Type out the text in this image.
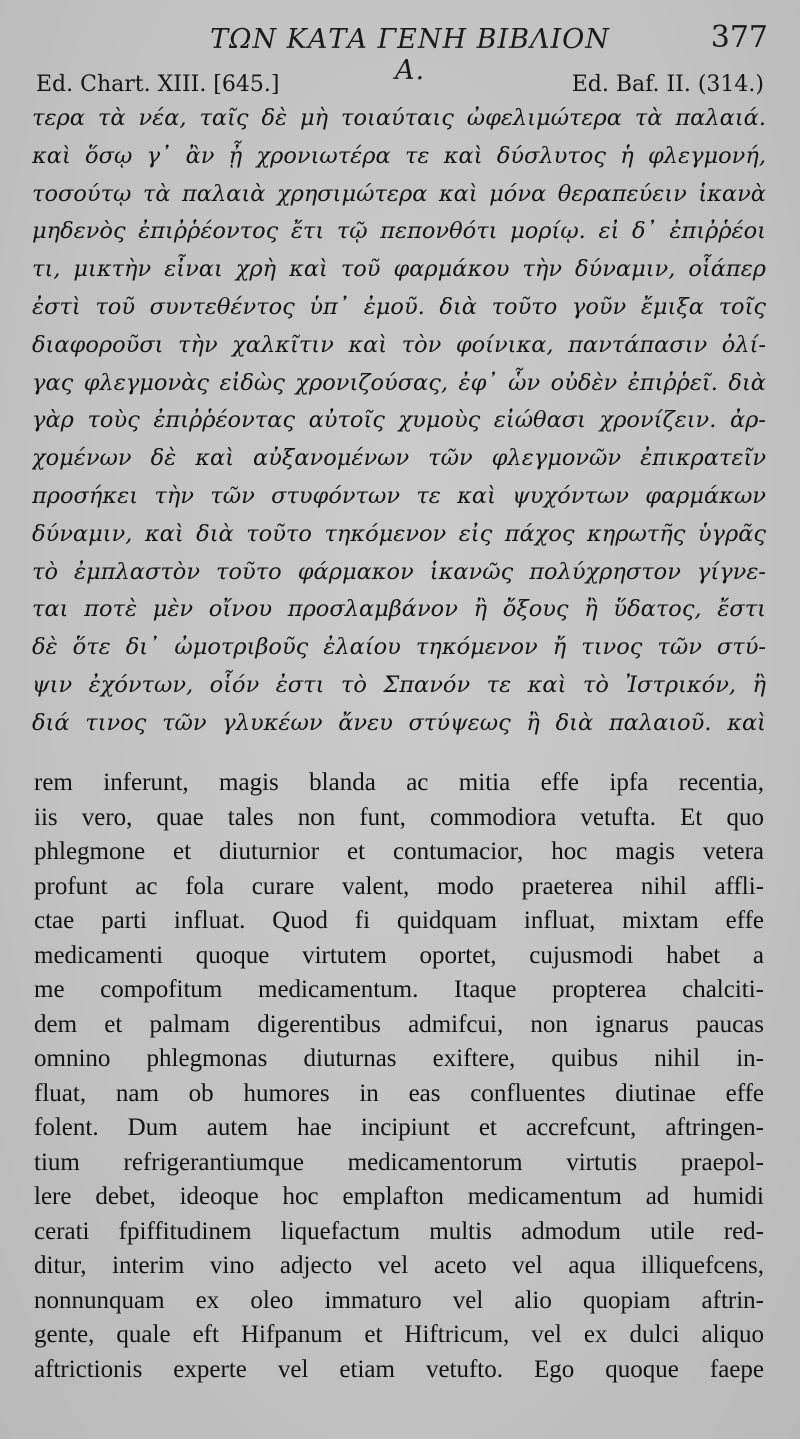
ΤΩΝ ΚΑΤΑ ΓΕΝΗ ΒΙΒΛΙΟΝ Α.
377
Ed. Chart. XIII. [645.]	Ed. Baf. II. (314.)
τερα τὰ νέα, ταῖς δὲ μὴ τοιαύταις ὠφελιμώτερα τὰ παλαιά.
καὶ ὅσῳ γ᾽ ἂν ᾖ χρονιωτέρα τε καὶ δύσλυτος ἡ φλεγμονή,
τοσούτῳ τὰ παλαιὰ χρησιμώτερα καὶ μόνα θεραπεύειν ἱκανὰ
μηδενὸς ἐπιῤῥέοντος ἔτι τῷ πεπονθότι μορίῳ. εἰ δ᾽ ἐπιῤῥέοι
τι, μικτὴν εἶναι χρὴ καὶ τοῦ φαρμάκου τὴν δύναμιν, οἷάπερ
ἐστὶ τοῦ συντεθέντος ὑπ᾽ ἐμοῦ. διὰ τοῦτο γοῦν ἔμιξα τοῖς
διαφοροῦσι τὴν χαλκῖτιν καὶ τὸν φοίνικα, παντάπασιν ὀλί-
γας φλεγμονὰς εἰδὼς χρονιζούσας, ἐφ᾽ ὧν οὐδὲν ἐπιῤῥεῖ. διὰ
γὰρ τοὺς ἐπιῤῥέοντας αὐτοῖς χυμοὺς εἰώθασι χρονίζειν. ἀρ-
χομένων δὲ καὶ αὐξανομένων τῶν φλεγμονῶν ἐπικρατεῖν
προσήκει τὴν τῶν στυφόντων τε καὶ ψυχόντων φαρμάκων
δύναμιν, καὶ διὰ τοῦτο τηκόμενον εἰς πάχος κηρωτῆς ὑγρᾶς
τὸ ἐμπλαστὸν τοῦτο φάρμακον ἱκανῶς πολύχρηστον γίγνε-
ται ποτὲ μὲν οἴνου προσλαμβάνον ἢ ὄξους ἢ ὕδατος, ἔστι
δὲ ὅτε δι᾽ ὠμοτριβοῦς ἐλαίου τηκόμενον ἤ τινος τῶν στύ-
ψιν ἐχόντων, οἷόν ἐστι τὸ Σπανόν τε καὶ τὸ Ἰστρικόν, ἢ
διά τινος τῶν γλυκέων ἄνευ στύψεως ἢ διὰ παλαιοῦ. καὶ
rem inferunt, magis blanda ac mitia effe ipfa recentia,
iis vero, quae tales non funt, commodiora vetufta. Et quo
phlegmone et diuturnior et contumacior, hoc magis vetera
profunt ac fola curare valent, modo praeterea nihil affli-
ctae parti influat. Quod fi quidquam influat, mixtam effe
medicamenti quoque virtutem oportet, cujusmodi habet a
me compofitum medicamentum. Itaque propterea chalciti-
dem et palmam digerentibus admifcui, non ignarus paucas
omnino phlegmonas diuturnas exiftere, quibus nihil in-
fluat, nam ob humores in eas confluentes diutinae effe
folent. Dum autem hae incipiunt et accrefcunt, aftringen-
tium refrigerantiumque medicamentorum virtutis praepol-
lere debet, ideoque hoc emplafton medicamentum ad humidi
cerati fpiffitudinem liquefactum multis admodum utile red-
ditur, interim vino adjecto vel aceto vel aqua illiquefcens,
nonnunquam ex oleo immaturo vel alio quopiam aftrin-
gente, quale eft Hifpanum et Hiftricum, vel ex dulci aliquo
aftrictionis experte vel etiam vetufto. Ego quoque faepe
